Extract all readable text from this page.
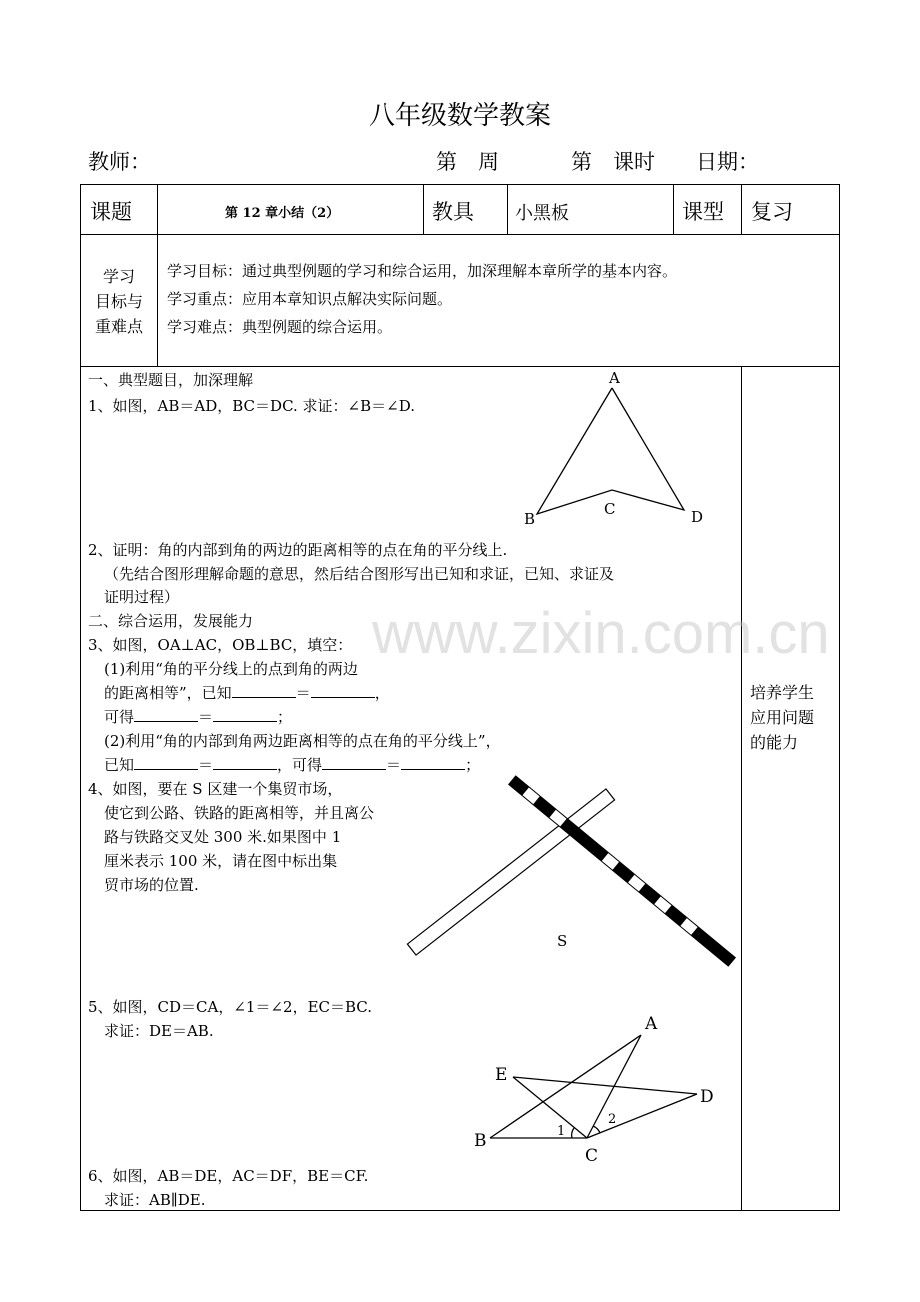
八年级数学教案
教师：	第　周	第　课时 日期：
课题	第 12 章小结（2）	教具 小黑板	课型 复习
学习
目标与
重难点
学习目标：通过典型例题的学习和综合运用，加深理解本章所学的基本内容。
学习重点：应用本章知识点解决实际问题。
学习难点：典型例题的综合运用。
一、典型题目，加深理解
1、如图，AB＝AD，BC＝DC. 求证：∠B＝∠D.
2、证明：角的内部到角的两边的距离相等的点在角的平分线上.
（先结合图形理解命题的意思，然后结合图形写出已知和求证，已知、求证及
证明过程）
二、综合运用，发展能力
3、如图，OA⊥AC，OB⊥BC，填空：
(1)利用“角的平分线上的点到角的两边
的距离相等”，已知	＝	，
可得	＝	；
(2)利用“角的内部到角两边距离相等的点在角的平分线上”，
已知	＝	，可得	＝	；
4、如图，要在 S 区建一个集贸市场，
使它到公路、铁路的距离相等，并且离公
路与铁路交叉处 300 米.如果图中 1
厘米表示 100 米，请在图中标出集
贸市场的位置.
5、如图，CD＝CA，∠1＝∠2，EC＝BC.
求证：DE＝AB.
6、如图，AB＝DE，AC＝DF，BE＝CF.
求证：AB∥DE.
培养学生
应用问题
的能力
A
B
C	D
S
A
B
C
D
E
1
2
www.zixin.com.cn
